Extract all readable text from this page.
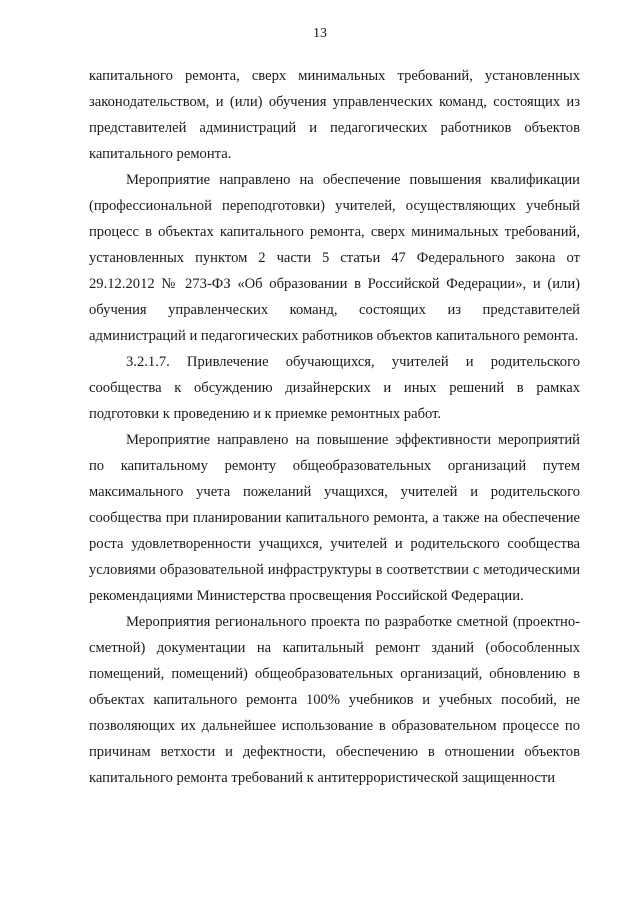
13

капитального ремонта, сверх минимальных требований, установленных законодательством, и (или) обучения управленческих команд, состоящих из представителей администраций и педагогических работников объектов капитального ремонта.

Мероприятие направлено на обеспечение повышения квалификации (профессиональной переподготовки) учителей, осуществляющих учебный процесс в объектах капитального ремонта, сверх минимальных требований, установленных пунктом 2 части 5 статьи 47 Федерального закона от 29.12.2012 № 273-ФЗ «Об образовании в Российской Федерации», и (или) обучения управленческих команд, состоящих из представителей администраций и педагогических работников объектов капитального ремонта.

3.2.1.7. Привлечение обучающихся, учителей и родительского сообщества к обсуждению дизайнерских и иных решений в рамках подготовки к проведению и к приемке ремонтных работ.

Мероприятие направлено на повышение эффективности мероприятий по капитальному ремонту общеобразовательных организаций путем максимального учета пожеланий учащихся, учителей и родительского сообщества при планировании капитального ремонта, а также на обеспечение роста удовлетворенности учащихся, учителей и родительского сообщества условиями образовательной инфраструктуры в соответствии с методическими рекомендациями Министерства просвещения Российской Федерации.

Мероприятия регионального проекта по разработке сметной (проектно-сметной) документации на капитальный ремонт зданий (обособленных помещений, помещений) общеобразовательных организаций, обновлению в объектах капитального ремонта 100% учебников и учебных пособий, не позволяющих их дальнейшее использование в образовательном процессе по причинам ветхости и дефектности, обеспечению в отношении объектов капитального ремонта требований к антитеррористической защищенности
